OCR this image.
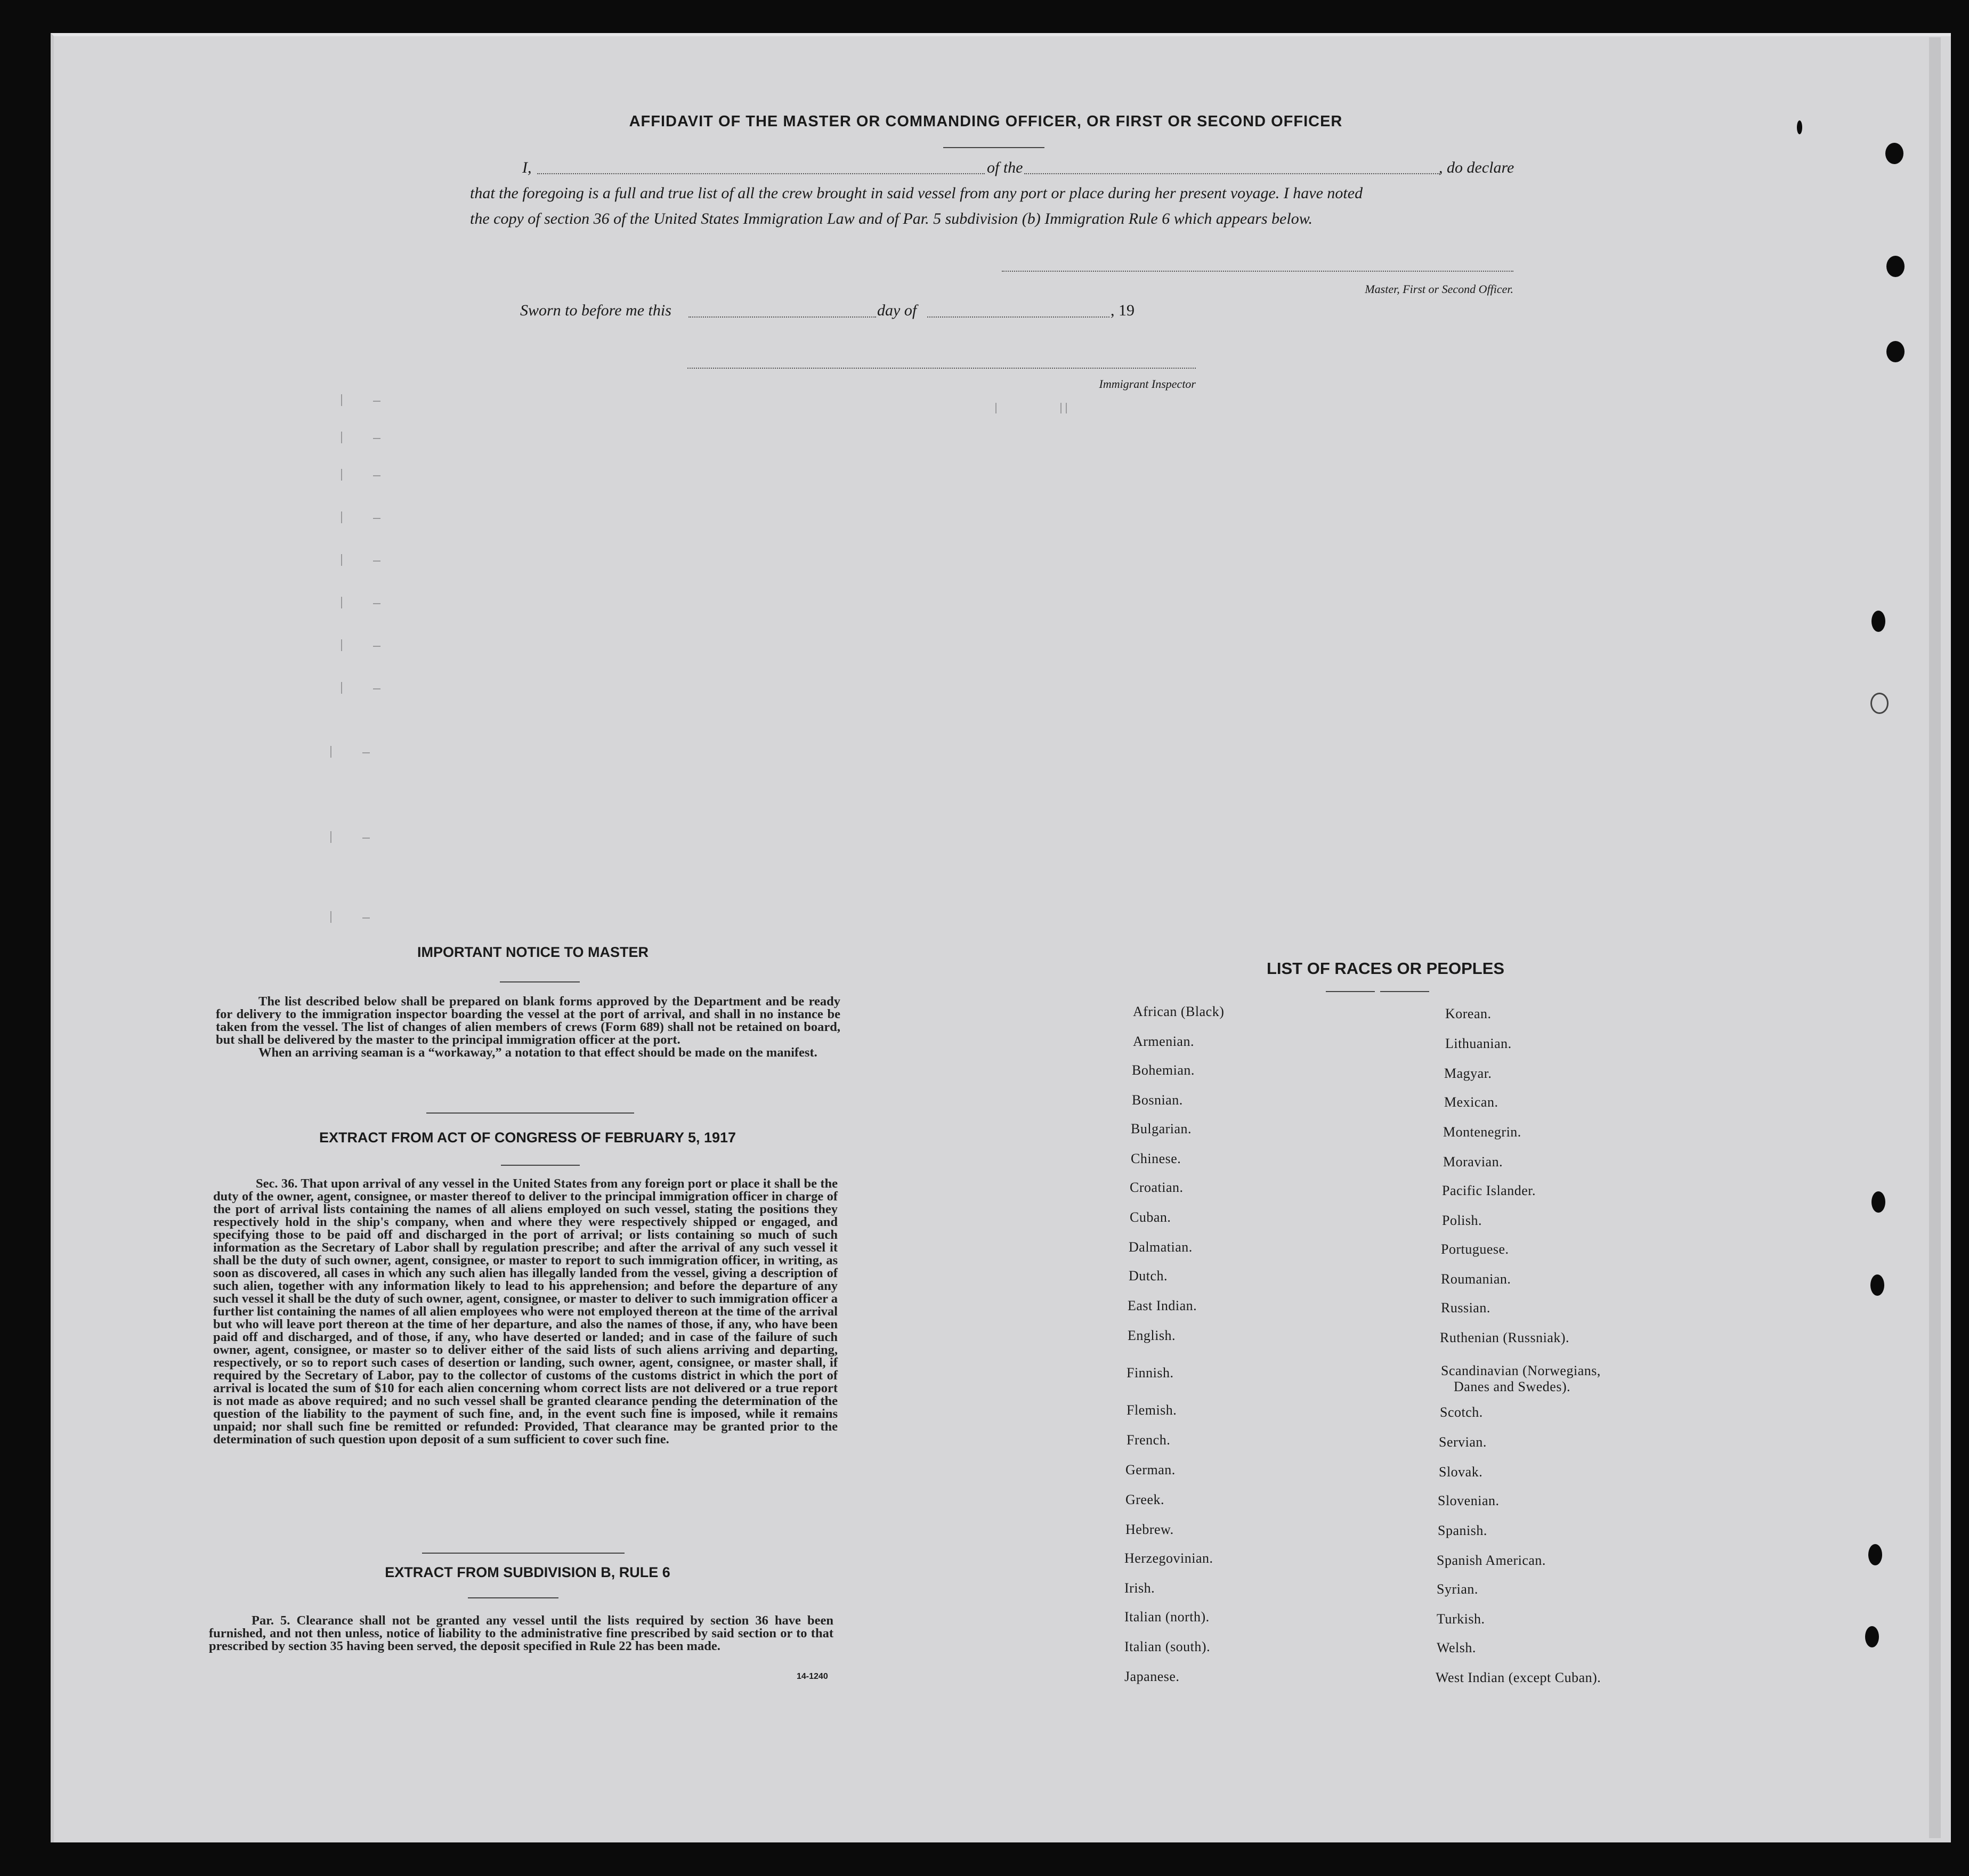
AFFIDAVIT OF THE MASTER OR COMMANDING OFFICER, OR FIRST OR SECOND OFFICER
I,	of the	, do declare
that the foregoing is a full and true list of all the crew brought in said vessel from any port or place during her present voyage. I have noted
the copy of section 36 of the United States Immigration Law and of Par. 5 subdivision (b) Immigration Rule 6 which appears below.
Master, First or Second Officer.
Sworn to before me this	day of	, 19
Immigrant Inspector
IMPORTANT NOTICE TO MASTER

The list described below shall be prepared on blank forms approved by the Department and be ready for delivery to the immigration inspector boarding the vessel at the port of arrival, and shall in no instance be taken from the vessel. The list of changes of alien members of crews (Form 689) shall not be retained on board, but shall be delivered by the master to the principal immigration officer at the port.

When an arriving seaman is a “workaway,” a notation to that effect should be made on the manifest.

EXTRACT FROM ACT OF CONGRESS OF FEBRUARY 5, 1917

Sec. 36. That upon arrival of any vessel in the United States from any foreign port or place it shall be the duty of the owner, agent, consignee, or master thereof to deliver to the principal immigration officer in charge of the port of arrival lists containing the names of all aliens employed on such vessel, stating the positions they respectively hold in the ship's company, when and where they were respectively shipped or engaged, and specifying those to be paid off and discharged in the port of arrival; or lists containing so much of such information as the Secretary of Labor shall by regulation prescribe; and after the arrival of any such vessel it shall be the duty of such owner, agent, consignee, or master to report to such immigration officer, in writing, as soon as discovered, all cases in which any such alien has illegally landed from the vessel, giving a description of such alien, together with any information likely to lead to his apprehension; and before the departure of any such vessel it shall be the duty of such owner, agent, consignee, or master to deliver to such immigration officer a further list containing the names of all alien employees who were not employed thereon at the time of the arrival but who will leave port thereon at the time of her departure, and also the names of those, if any, who have been paid off and discharged, and of those, if any, who have deserted or landed; and in case of the failure of such owner, agent, consignee, or master so to deliver either of the said lists of such aliens arriving and departing, respectively, or so to report such cases of desertion or landing, such owner, agent, consignee, or master shall, if required by the Secretary of Labor, pay to the collector of customs of the customs district in which the port of arrival is located the sum of $10 for each alien concerning whom correct lists are not delivered or a true report is not made as above required; and no such vessel shall be granted clearance pending the determination of the question of the liability to the payment of such fine, and, in the event such fine is imposed, while it remains unpaid; nor shall such fine be remitted or refunded: Provided, That clearance may be granted prior to the determination of such question upon deposit of a sum sufficient to cover such fine.

EXTRACT FROM SUBDIVISION B, RULE 6

Par. 5. Clearance shall not be granted any vessel until the lists required by section 36 have been furnished, and not then unless, notice of liability to the administrative fine prescribed by said section or to that prescribed by section 35 having been served, the deposit specified in Rule 22 has been made.

14-1240
LIST OF RACES OR PEOPLES
African (Black)
Armenian.
Bohemian.
Bosnian.
Bulgarian.
Chinese.
Croatian.
Cuban.
Dalmatian.
Dutch.
East Indian.
English.
Finnish.
Flemish.
French.
German.
Greek.
Hebrew.
Herzegovinian.
Irish.
Italian (north).
Italian (south).
Japanese.
Korean.
Lithuanian.
Magyar.
Mexican.
Montenegrin.
Moravian.
Pacific Islander.
Polish.
Portuguese.
Roumanian.
Russian.
Ruthenian (Russniak).
Scandinavian (Norwegians,
Danes and Swedes).
Scotch.
Servian.
Slovak.
Slovenian.
Spanish.
Spanish American.
Syrian.
Turkish.
Welsh.
West Indian (except Cuban).
